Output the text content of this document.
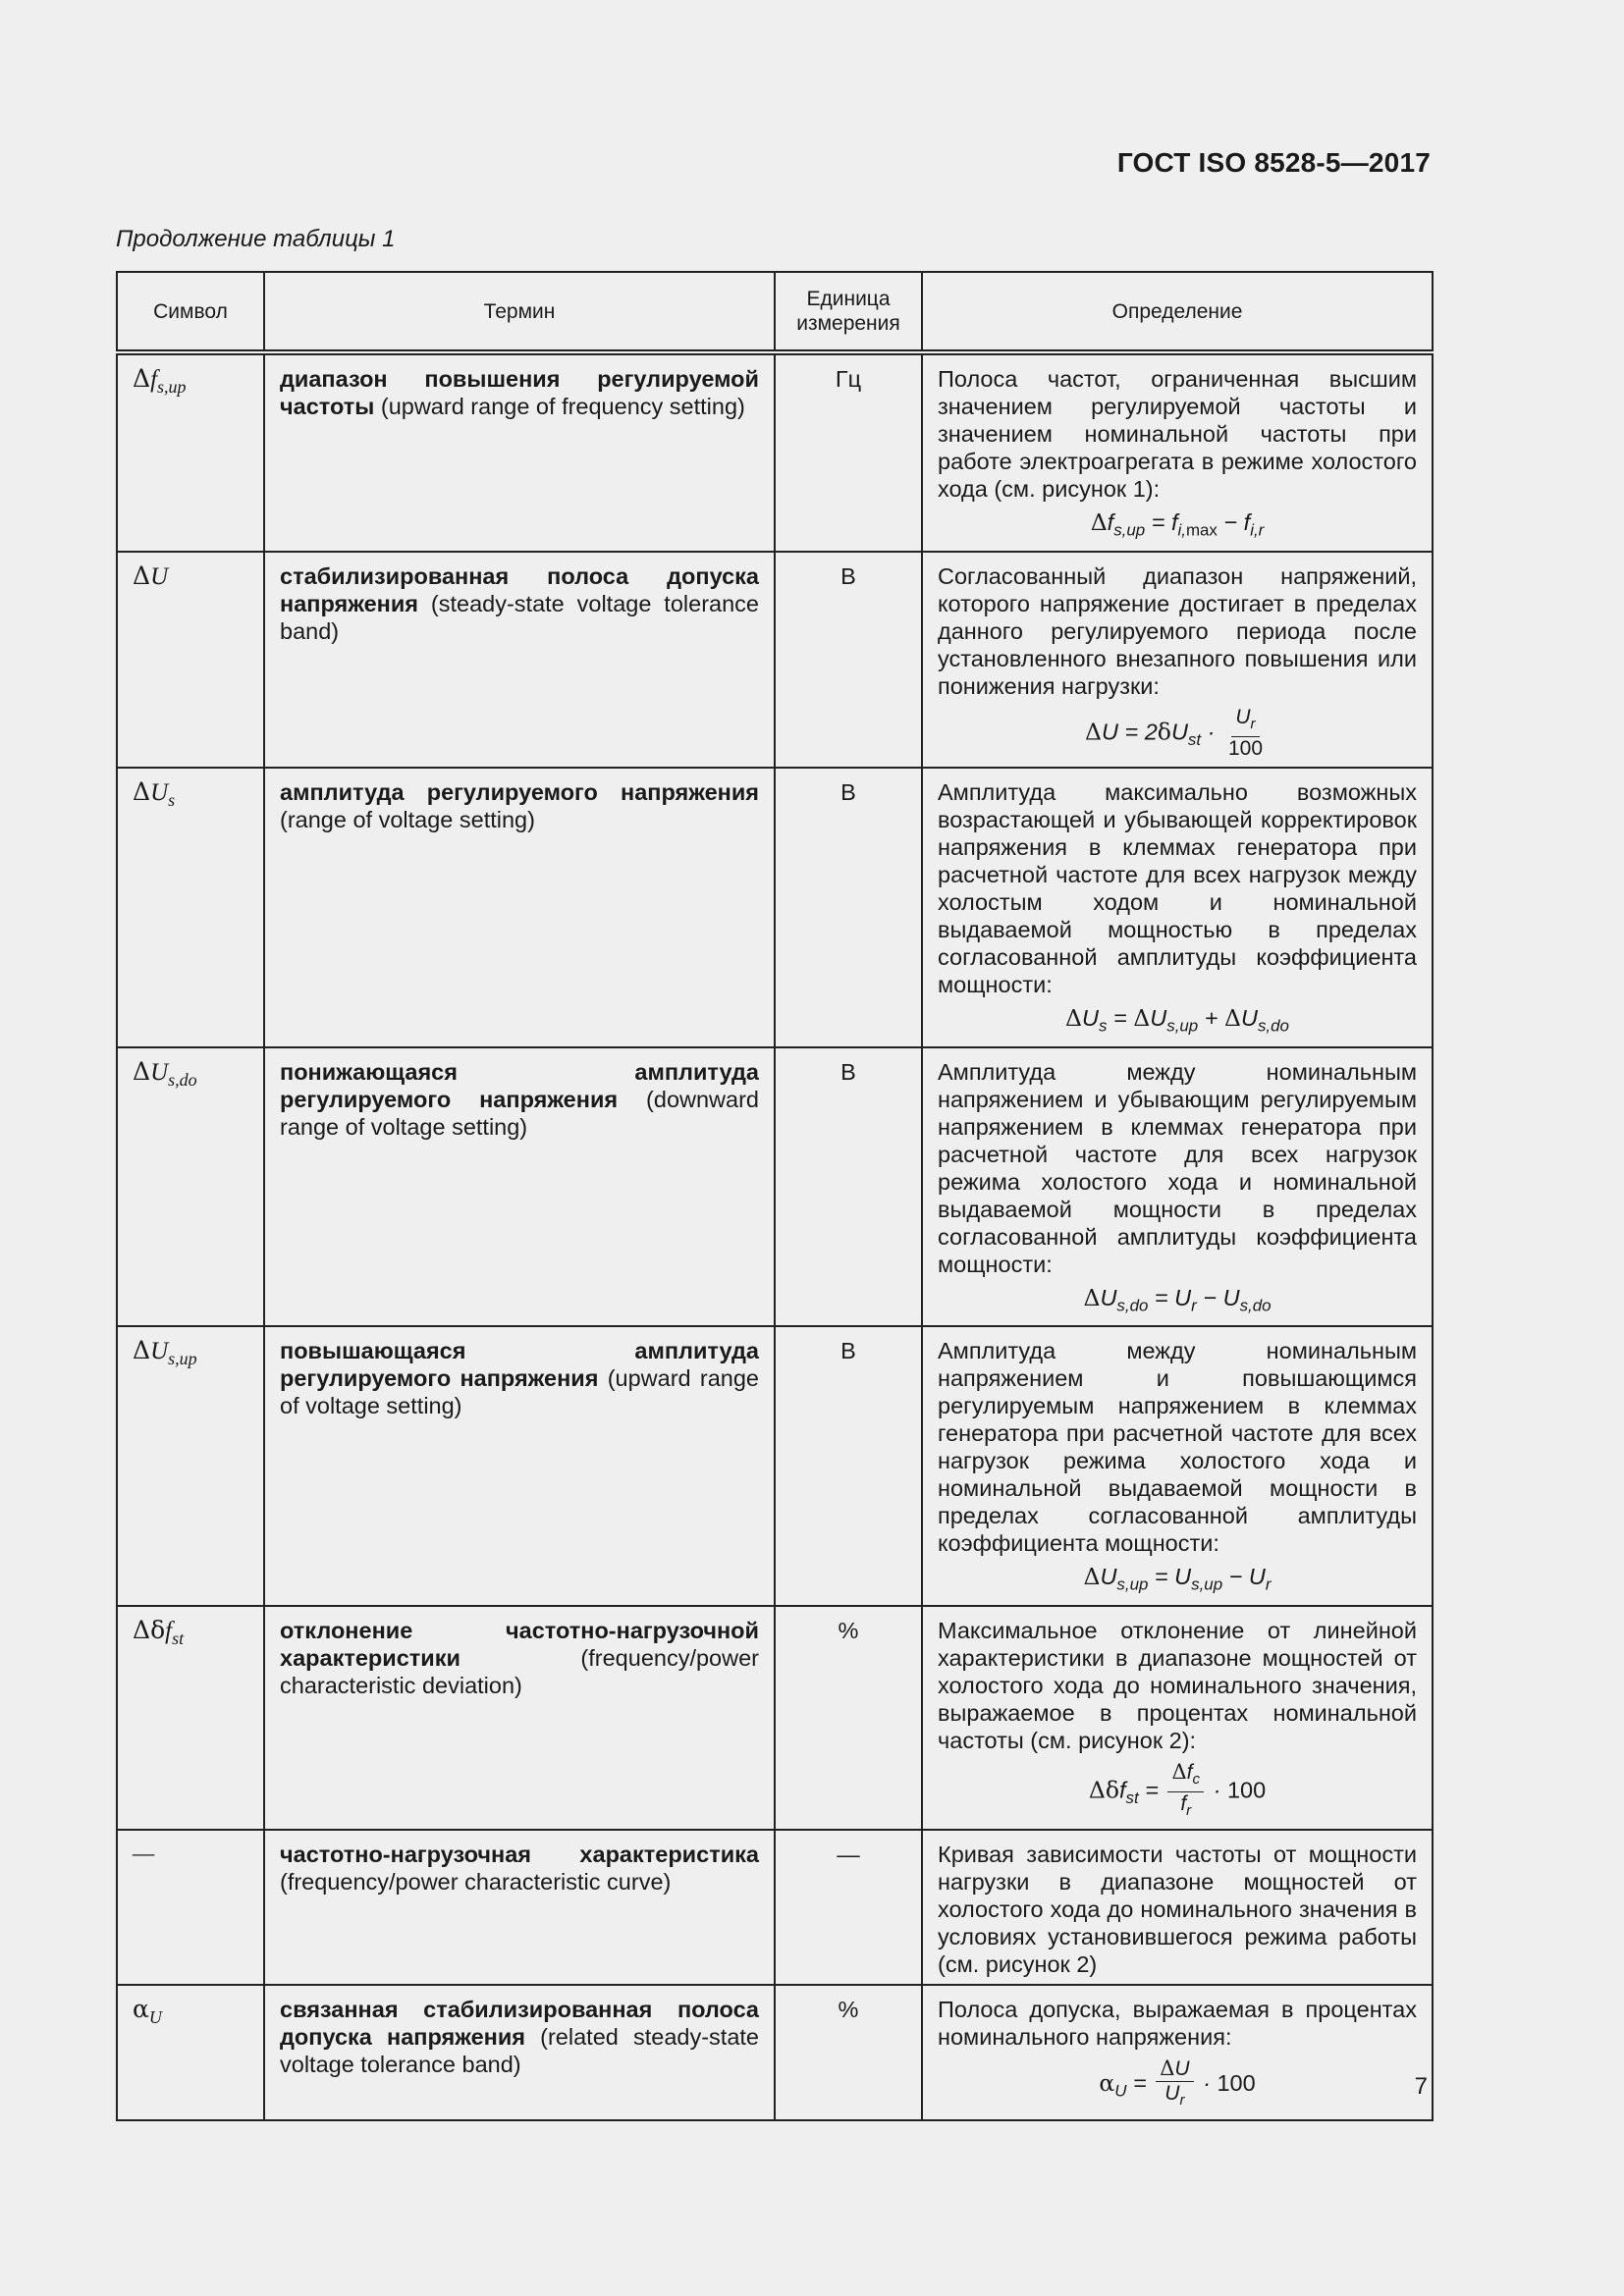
ГОСТ ISO 8528-5—2017
Продолжение таблицы 1
Символ	Термин	Единица измерения	Определение
$\Delta f_{s,up}$	диапазон повышения регулируемой частоты (upward range of frequency setting)	Гц	Полоса частот, ограниченная высшим значением регулируемой частоты и значением номинальной частоты при работе электроагрегата в режиме холостого хода (см. рисунок 1):
$\Delta f_{s,up} = f_{i,max} - f_{i,r}$

ΔU	стабилизированная полоса допуска напряжения (steady-state voltage tolerance band)	В	Согласованный диапазон напряжений, которого напряжение достигает в пределах данного регулируемого периода после установленного внезапного повышения или понижения нагрузки:
$\Delta U = 2\delta U_{st} \cdot \frac{U_r}{100}$

$\Delta U_s$	амплитуда регулируемого напряжения (range of voltage setting)	В	Амплитуда максимально возможных возрастающей и убывающей корректировок напряжения в клеммах генератора при расчетной частоте для всех нагрузок между холостым ходом и номинальной выдаваемой мощностью в пределах согласованной амплитуды коэффициента мощности:
$\Delta U_s = \Delta U_{s,up} + \Delta U_{s,do}$

$\Delta U_{s,do}$	понижающаяся амплитуда регулируемого напряжения (downward range of voltage setting)	В	Амплитуда между номинальным напряжением и убывающим регулируемым напряжением в клеммах генератора при расчетной частоте для всех нагрузок режима холостого хода и номинальной выдаваемой мощности в пределах согласованной амплитуды коэффициента мощности:
$\Delta U_{s,do} = U_r - U_{s,do}$

$\Delta U_{s,up}$	повышающаяся амплитуда регулируемого напряжения (upward range of voltage setting)	В	Амплитуда между номинальным напряжением и повышающимся регулируемым напряжением в клеммах генератора при расчетной частоте для всех нагрузок режима холостого хода и номинальной выдаваемой мощности в пределах согласованной амплитуды коэффициента мощности:
$\Delta U_{s,up} = U_{s,up} - U_r$

Δδf$_{st}$	отклонение частотно-нагрузочной характеристики (frequency/power characteristic deviation)	%	Максимальное отклонение от линейной характеристики в диапазоне мощностей от холостого хода до номинального значения, выражаемое в процентах номинальной частоты (см. рисунок 2):
$\Delta\delta f_{st} = \frac{\Delta f_c}{f_r} \cdot 100$

—	частотно-нагрузочная характеристика (frequency/power characteristic curve)	—	Кривая зависимости частоты от мощности нагрузки в диапазоне мощностей от холостого хода до номинального значения в условиях установившегося режима работы (см. рисунок 2)

$\alpha_U$	связанная стабилизированная полоса допуска напряжения (related steady-state voltage tolerance band)	%	Полоса допуска, выражаемая в процентах номинального напряжения:
$\alpha_U = \frac{\Delta U}{U_r} \cdot 100$	7
